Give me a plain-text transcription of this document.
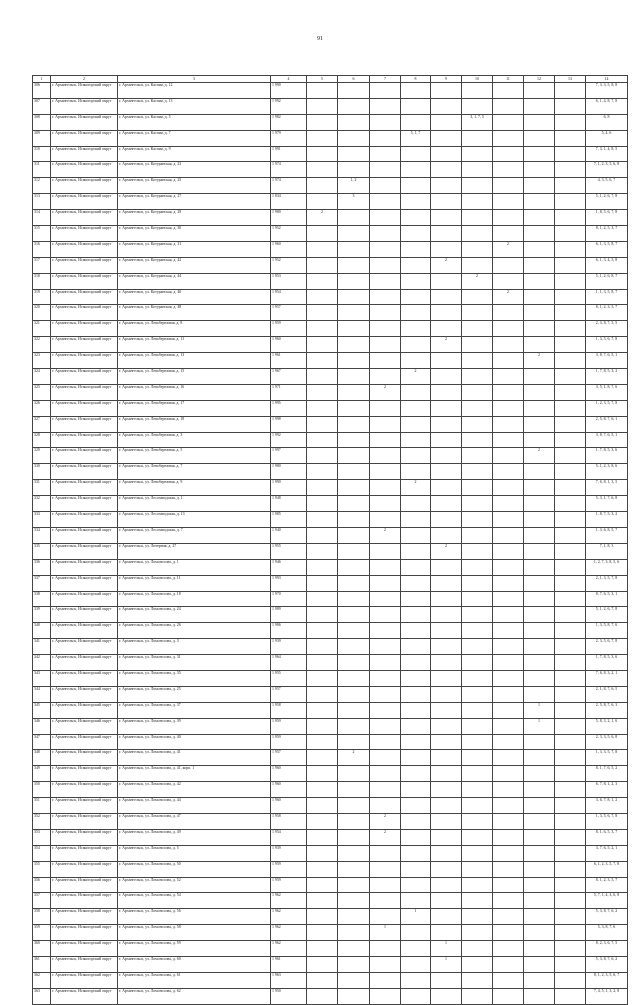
91
1	2	3	4	5	6	7	8	9	10	11	12	13	14
306	г. Архангельск, Исакогорский округ	г. Архангельск, ул. Каспия, д. 12	1 990										7, 3, 3, 5, 8, 8
307	г. Архангельск, Исакогорский округ	г. Архангельск, ул. Каспия, д. 13	1 992										6, 1, 4, 8, 7, 8
308	г. Архангельск, Исакогорский округ	г. Архангельск, ул. Каспия, д. 5	1 982						3, 1, 7, 5				6, 8
309	г. Архангельск, Исакогорский округ	г. Архангельск, ул. Каспия, д. 7	1 979				5, 1, 7						5, 4, 6
310	г. Архангельск, Исакогорский округ	г. Архангельск, ул. Каспия, д. 9	1 991										7, 3, 1, 4, 8, 5
311	г. Архангельск, Исакогорский округ	г. Архангельск, ул. Котуранская, д. 23	1 974										7, 1, 2, 3, 5, 6, 8
312	г. Архангельск, Исакогорский округ	г. Архангельск, ул. Котуранская, д. 25	1 974		1, 2								4, 3, 5, 6, 7
313	г. Архангельск, Исакогорский округ	г. Архангельск, ул. Котуранская, д. 27	1 834		3								5, 1, 2, 6, 7, 8
314	г. Архангельск, Исакогорский округ	г. Архангельск, ул. Котуранская, д. 29	1 980	2									1, 8, 5, 6, 7, 8
315	г. Архангельск, Исакогорский округ	г. Архангельск, ул. Котуранская, д. 30	1 952										8, 1, 2, 5, 3, 7
316	г. Архангельск, Исакогорский округ	г. Архангельск, ул. Котуранская, д. 31	1 960							2			6, 1, 3, 5, 8, 7
317	г. Архангельск, Исакогорский округ	г. Архангельск, ул. Котуранская, д. 42	1 952					2					6, 1, 3, 4, 5, 8
318	г. Архангельск, Исакогорский округ	г. Архангельск, ул. Котуранская, д. 44	1 953						2				5, 1, 2, 6, 8, 7
319	г. Архангельск, Исакогорский округ	г. Архангельск, ул. Котуранская, д. 46	1 954							2			1, 1, 3, 5, 8, 7
320	г. Архангельск, Исакогорский округ	г. Архангельск, ул. Котуранская, д. 48	1 957										8, 1, 2, 3, 5, 7
321	г. Архангельск, Исакогорский округ	г. Архангельск, ул. Левобережная, д. 8	1 959										2, 3, 8, 7, 5, 5
322	г. Архангельск, Исакогорский округ	г. Архангельск, ул. Левобережная, д. 11	1 960					2					1, 3, 5, 6, 7, 8
323	г. Архангельск, Исакогорский округ	г. Архангельск, ул. Левобережная, д. 13	1 961								2		3, 8, 7, 6, 5, 1
324	г. Архангельск, Исакогорский округ	г. Архангельск, ул. Левобережная, д. 15	1 967				2						1, 7, 8, 5, 3, 2
325	г. Архангельск, Исакогорский округ	г. Архангельск, ул. Левобережная, д. 16	1 971			2							3, 5, 1, 8, 7, 6
326	г. Архангельск, Исакогорский округ	г. Архангельск, ул. Левобережная, д. 17	1 995										1, 2, 3, 5, 7, 8
327	г. Архангельск, Исакогорский округ	г. Архангельск, ул. Левобережная, д. 18	1 998										2, 5, 8, 7, 6, 1
328	г. Архангельск, Исакогорский округ	г. Архангельск, ул. Левобережная, д. 3	1 992										3, 8, 7, 6, 5, 1
329	г. Архангельск, Исакогорский округ	г. Архангельск, ул. Левобережная, д. 5	1 997								2		1, 7, 8, 5, 3, 6
330	г. Архангельск, Исакогорский округ	г. Архангельск, ул. Левобережная, д. 7	1 980										5, 1, 2, 3, 8, 6
331	г. Архангельск, Исакогорский округ	г. Архангельск, ул. Левобережная, д. 9	1 990				2						7, 6, 8, 1, 3, 5
332	г. Архангельск, Исакогорский округ	г. Архангельск, ул. Лесозаводская, д. 1	1 948										5, 3, 1, 7, 6, 8
333	г. Архангельск, Исакогорский округ	г. Архангельск, ул. Лесозаводская, д. 13	1 985										1, 8, 7, 5, 3, 2
334	г. Архангельск, Исакогорский округ	г. Архангельск, ул. Лесозаводская, д. 7	1 940			2							1, 3, 6, 8, 5, 7
335	г. Архангельск, Исакогорский округ	г. Архангельск, ул. Литерная, д. 27	1 955					2					7, 1, 8, 3
336	г. Архангельск, Исакогорский округ	г. Архангельск, ул. Ломоносова, д. 1	1 946										1, 2, 7, 3, 8, 5, 6
337	г. Архангельск, Исакогорский округ	г. Архангельск, ул. Ломоносова, д. 11	1 993										2, 1, 3, 5, 7, 8
338	г. Архангельск, Исакогорский округ	г. Архангельск, ул. Ломоносова, д. 18	1 970										8, 7, 6, 5, 3, 1
339	г. Архангельск, Исакогорский округ	г. Архангельск, ул. Ломоносова, д. 24	1 989										5, 1, 2, 6, 7, 8
340	г. Архангельск, Исакогорский округ	г. Архангельск, ул. Ломоносова, д. 26	1 986										1, 3, 5, 8, 7, 6
341	г. Архангельск, Исакогорский округ	г. Архангельск, ул. Ломоносова, д. 3	1 939										2, 3, 5, 6, 7, 8
342	г. Архангельск, Исакогорский округ	г. Архангельск, ул. Ломоносова, д. 31	1 964										1, 7, 8, 5, 3, 6
343	г. Архангельск, Исакогорский округ	г. Архангельск, ул. Ломоносова, д. 35	1 955										7, 6, 8, 3, 2, 1
344	г. Архангельск, Исакогорский округ	г. Архангельск, ул. Ломоносова, д. 25	1 957										2, 1, 8, 7, 6, 5
345	г. Архангельск, Исакогорский округ	г. Архангельск, ул. Ломоносова, д. 37	1 958								1		2, 5, 8, 7, 6, 3
346	г. Архангельск, Исакогорский округ	г. Архангельск, ул. Ломоносова, д. 39	1 959								1		5, 8, 3, 2, 1, 6
347	г. Архангельск, Исакогорский округ	г. Архангельск, ул. Ломоносова, д. 40	1 959										2, 3, 3, 5, 6, 8
348	г. Архангельск, Исакогорский округ	г. Архангельск, ул. Ломоносова, д. 41	1 957		2								1, 3, 3, 5, 7, 8
349	г. Архангельск, Исакогорский округ	г. Архангельск, ул. Ломоносова, д. 41, корп. 1	1 960										8, 1, 7, 6, 5, 2
350	г. Архангельск, Исакогорский округ	г. Архангельск, ул. Ломоносова, д. 42	1 960										6, 7, 8, 1, 2, 3
351	г. Архангельск, Исакогорский округ	г. Архангельск, ул. Ломоносова, д. 44	1 960										3, 6, 7, 8, 1, 2
352	г. Архангельск, Исакогорский округ	г. Архангельск, ул. Ломоносова, д. 47	1 958			2							1, 3, 5, 6, 7, 8
353	г. Архангельск, Исакогорский округ	г. Архангельск, ул. Ломоносова, д. 49	1 954			2							8, 1, 6, 5, 3, 7
354	г. Архангельск, Исакогорский округ	г. Архангельск, ул. Ломоносова, д. 5	1 939										3, 7, 6, 5, 2, 1
355	г. Архангельск, Исакогорский округ	г. Архангельск, ул. Ломоносова, д. 50	1 959										6, 1, 2, 3, 5, 7, 8
356	г. Архангельск, Исакогорский округ	г. Архангельск, ул. Ломоносова, д. 52	1 959										8, 1, 2, 3, 5, 7
357	г. Архангельск, Исакогорский округ	г. Архангельск, ул. Ломоносова, д. 54	1 962										5, 7, 1, 4, 3, 6, 8
358	г. Архангельск, Исакогорский округ	г. Архангельск, ул. Ломоносова, д. 56	1 962				1						5, 3, 8, 7, 6, 2
359	г. Архангельск, Исакогорский округ	г. Архангельск, ул. Ломоносова, д. 58	1 962			1							5, 3, 8, 7, 6
360	г. Архангельск, Исакогорский округ	г. Архангельск, ул. Ломоносова, д. 59	1 962					1					8, 2, 3, 6, 7, 5
361	г. Архангельск, Исакогорский округ	г. Архангельск, ул. Ломоносова, д. 60	1 961					1					5, 3, 8, 7, 6, 2
362	г. Архангельск, Исакогорский округ	г. Архангельск, ул. Ломоносова, д. 61	1 963										8, 1, 2, 3, 5, 6, 7
363	г. Архангельск, Исакогорский округ	г. Архангельск, ул. Ломоносова, д. 62	1 950										7, 4, 5, 1, 3, 2, 8
